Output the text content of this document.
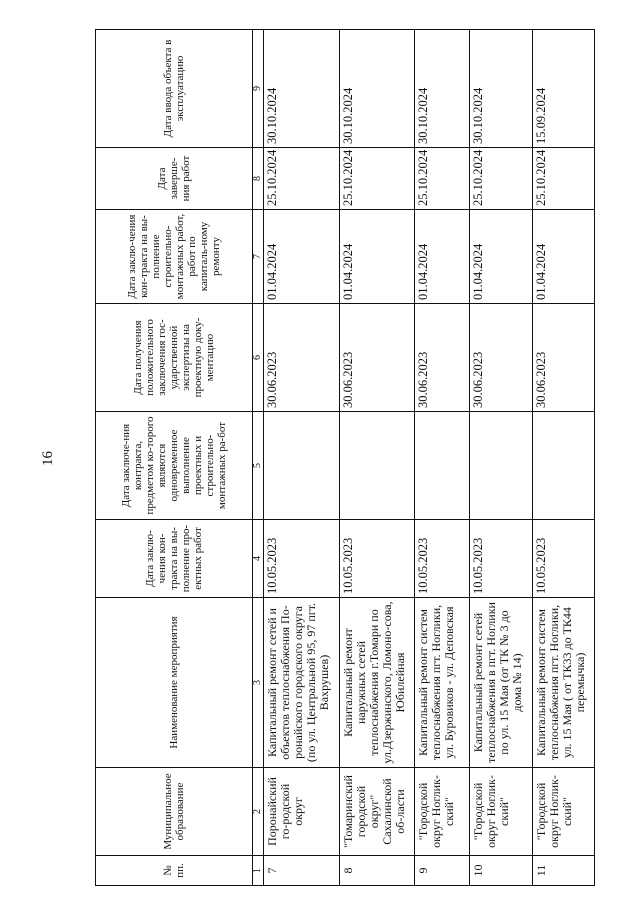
16
№ пп.	Муниципальное образование	Наименование мероприятия	Дата заклю-чения кон-тракта на вы-полнение про-ектных работ	Дата заключе-ния контракта, предметом ко-торого являются одновременное выполнение проектных и строительно-монтажных ра-бот	Дата получения положительного заключения гос-ударственной экспертизы на проектную доку-ментацию	Дата заклю-чения кон-тракта на вы-полнение строительно-монтажных работ, работ по капиталь-ному ремонту	Дата заверше-ния работ	Дата ввода объекта в эксплуатацию
1	2	3	4	5	6	7	8	9
7	Поронайский го-родской округ	Капитальный ремонт сетей и объектов теплоснабжения По-ронайского городского округа (по ул. Центральной 95, 97 пгт. Вахрушев)	10.05.2023		30.06.2023	01.04.2024	25.10.2024	30.10.2024
8	"Томаринский городской округ" Сахалинской об-ласти	Капитальный ремонт наружных сетей теплоснабжения г.Томари по ул.Дзержинского, Ломоно-сова, Юбилейная	10.05.2023		30.06.2023	01.04.2024	25.10.2024	30.10.2024
9	"Городской округ Ноглик-ский"	Капитальный ремонт систем теплоснабжения пгт. Ноглики, ул. Буровиков - ул. Деповская	10.05.2023		30.06.2023	01.04.2024	25.10.2024	30.10.2024
10	"Городской округ Ноглик-ский"	Капитальный ремонт сетей теплоснабжения в пгт. Ноглики по ул. 15 Мая (от ТК № 3 до дома № 14)	10.05.2023		30.06.2023	01.04.2024	25.10.2024	30.10.2024
11	"Городской округ Ноглик-ский"	Капитальный ремонт систем теплоснабжения пгт. Ноглики, ул. 15 Мая ( от ТК33 до ТК44 перемычка)	10.05.2023		30.06.2023	01.04.2024	25.10.2024	15.09.2024
